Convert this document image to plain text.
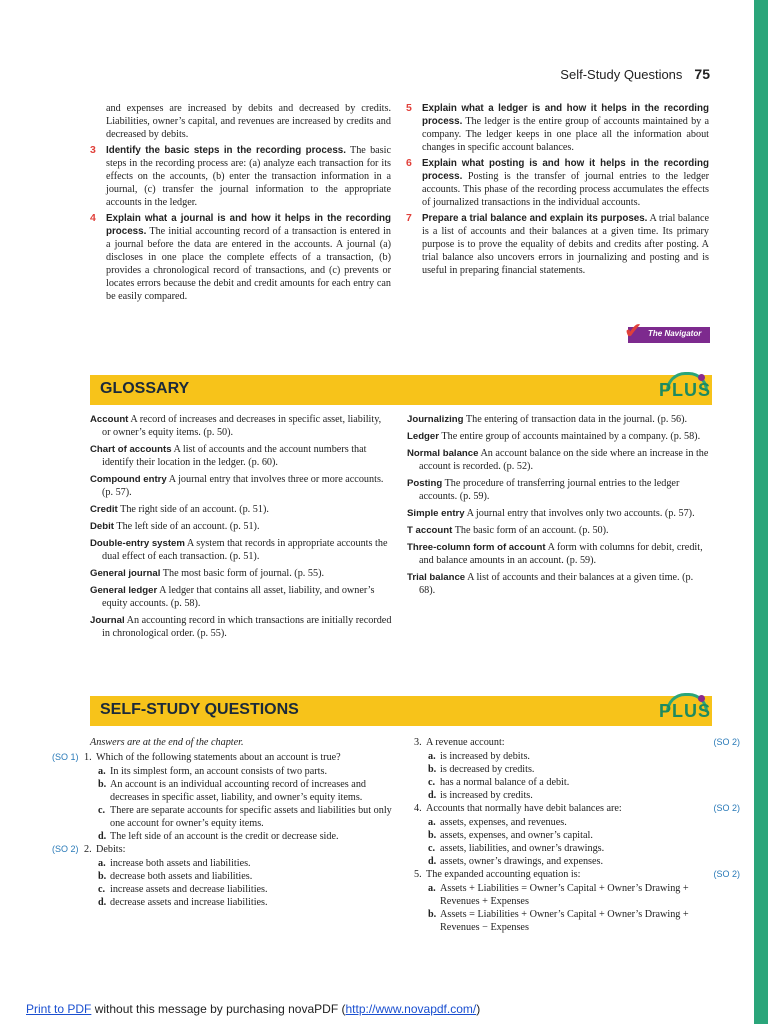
Self-Study Questions 75
and expenses are increased by debits and decreased by credits. Liabilities, owner’s capital, and revenues are increased by credits and decreased by debits.
3 Identify the basic steps in the recording process. The basic steps in the recording process are: (a) analyze each transaction for its effects on the accounts, (b) enter the transaction information in a journal, (c) transfer the journal information to the appropriate accounts in the ledger.
4 Explain what a journal is and how it helps in the recording process. The initial accounting record of a transaction is entered in a journal before the data are entered in the accounts. A journal (a) discloses in one place the complete effects of a transaction, (b) provides a chronological record of transactions, and (c) prevents or locates errors because the debit and credit amounts for each entry can be easily compared.
5 Explain what a ledger is and how it helps in the recording process. The ledger is the entire group of accounts maintained by a company. The ledger keeps in one place all the information about changes in specific account balances.
6 Explain what posting is and how it helps in the recording process. Posting is the transfer of journal entries to the ledger accounts. This phase of the recording process accumulates the effects of journalized transactions in the individual accounts.
7 Prepare a trial balance and explain its purposes. A trial balance is a list of accounts and their balances at a given time. Its primary purpose is to prove the equality of debits and credits after posting. A trial balance also uncovers errors in journalizing and posting and is useful in preparing financial statements.
✔ The Navigator
GLOSSARY	PLUS
Account A record of increases and decreases in specific asset, liability, or owner’s equity items. (p. 50).
Chart of accounts A list of accounts and the account numbers that identify their location in the ledger. (p. 60).
Compound entry A journal entry that involves three or more accounts. (p. 57).
Credit The right side of an account. (p. 51).
Debit The left side of an account. (p. 51).
Double-entry system A system that records in appropriate accounts the dual effect of each transaction. (p. 51).
General journal The most basic form of journal. (p. 55).
General ledger A ledger that contains all asset, liability, and owner’s equity accounts. (p. 58).
Journal An accounting record in which transactions are initially recorded in chronological order. (p. 55).
Journalizing The entering of transaction data in the journal. (p. 56).
Ledger The entire group of accounts maintained by a company. (p. 58).
Normal balance An account balance on the side where an increase in the account is recorded. (p. 52).
Posting The procedure of transferring journal entries to the ledger accounts. (p. 59).
Simple entry A journal entry that involves only two accounts. (p. 57).
T account The basic form of an account. (p. 50).
Three-column form of account A form with columns for debit, credit, and balance amounts in an account. (p. 59).
Trial balance A list of accounts and their balances at a given time. (p. 68).
SELF-STUDY QUESTIONS	PLUS
Answers are at the end of the chapter.
(SO 1) 1. Which of the following statements about an account is true?
a. In its simplest form, an account consists of two parts.
b. An account is an individual accounting record of increases and decreases in specific asset, liability, and owner’s equity items.
c. There are separate accounts for specific assets and liabilities but only one account for owner’s equity items.
d. The left side of an account is the credit or decrease side.
(SO 2) 2. Debits:
a. increase both assets and liabilities.
b. decrease both assets and liabilities.
c. increase assets and decrease liabilities.
d. decrease assets and increase liabilities.
(SO 2)
3. A revenue account:
a. is increased by debits.
b. is decreased by credits.
c. has a normal balance of a debit.
d. is increased by credits.
(SO 2)
4. Accounts that normally have debit balances are:
a. assets, expenses, and revenues.
b. assets, expenses, and owner’s capital.
c. assets, liabilities, and owner’s drawings.
d. assets, owner’s drawings, and expenses.
(SO 2)
5. The expanded accounting equation is:
a. Assets + Liabilities = Owner’s Capital + Owner’s Drawing + Revenues + Expenses
b. Assets = Liabilities + Owner’s Capital + Owner’s Drawing + Revenues − Expenses
Print to PDF without this message by purchasing novaPDF (http://www.novapdf.com/)
